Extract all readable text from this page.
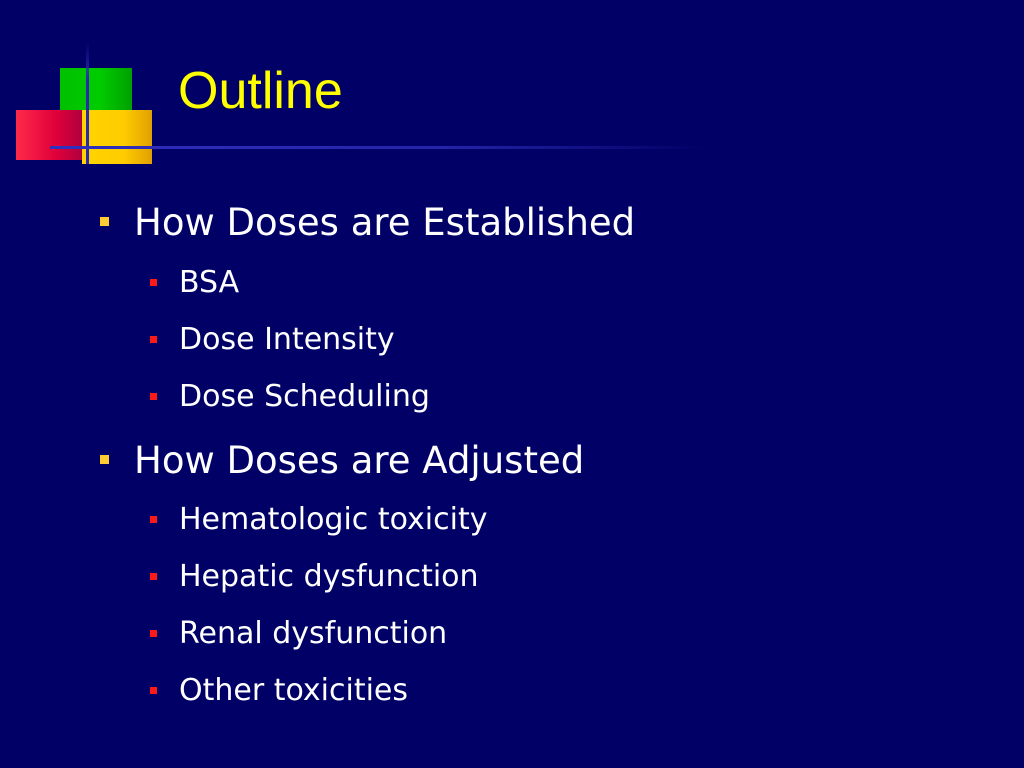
Outline
How Doses are Established
BSA
Dose Intensity
Dose Scheduling
How Doses are Adjusted
Hematologic toxicity
Hepatic dysfunction
Renal dysfunction
Other toxicities
